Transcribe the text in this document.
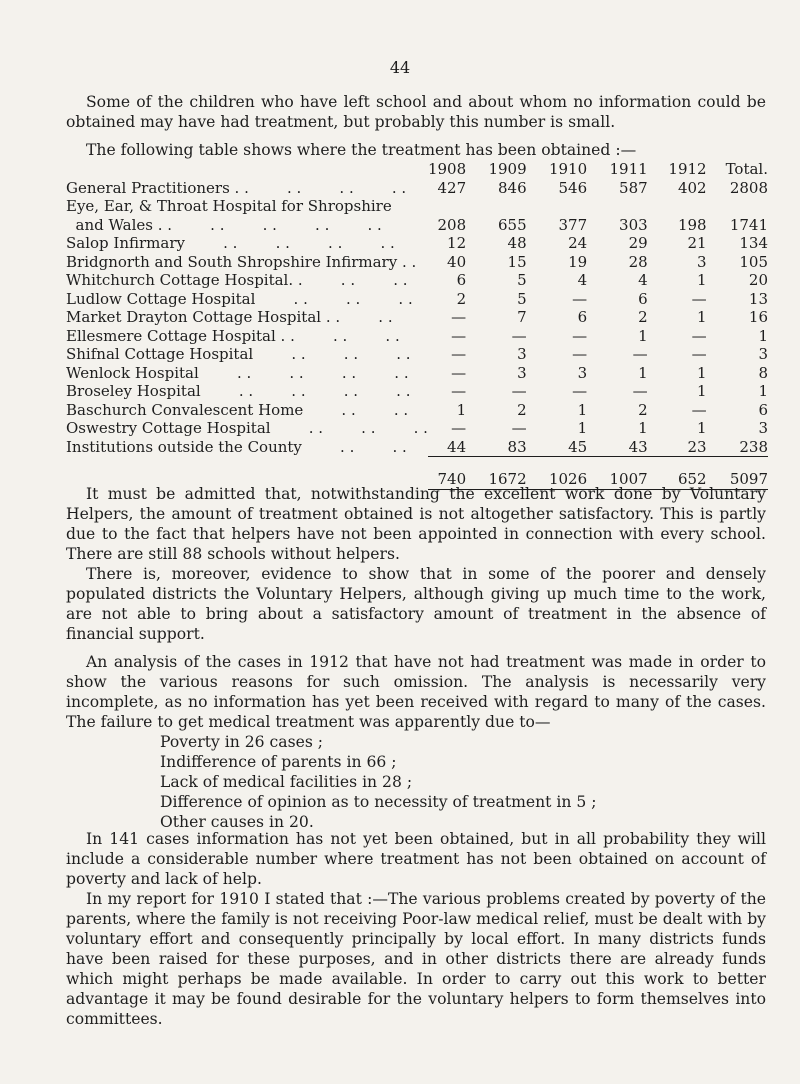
44

Some of the children who have left school and about whom no information could be obtained may have had treatment, but probably this number is small.

The following table shows where the treatment has been obtained :—

	1908	1909	1910	1911	1912	Total.
General Practitioners . .        . .        . .        . .	427	846	546	587	402	2808
Eye, Ear, & Throat Hospital for Shropshire						
and Wales . .        . .        . .        . .        . .	208	655	377	303	198	1741
Salop Infirmary        . .        . .        . .        . .	12	48	24	29	21	134
Bridgnorth and South Shropshire Infirmary . .	40	15	19	28	3	105
Whitchurch Cottage Hospital. .        . .        . .	6	5	4	4	1	20
Ludlow Cottage Hospital        . .        . .        . .	2	5	—	6	—	13
Market Drayton Cottage Hospital . .        . .	—	7	6	2	1	16
Ellesmere Cottage Hospital . .        . .        . .	—	—	—	1	—	1
Shifnal Cottage Hospital        . .        . .        . .	—	3	—	—	—	3
Wenlock Hospital        . .        . .        . .        . .	—	3	3	1	1	8
Broseley Hospital        . .        . .        . .        . .	—	—	—	—	1	1
Baschurch Convalescent Home        . .        . .	1	2	1	2	—	6
Oswestry Cottage Hospital        . .        . .        . .	—	—	1	1	1	3
Institutions outside the County        . .        . .	44	83	45	43	23	238
	740	1672	1026	1007	652	5097

It must be admitted that, notwithstanding the excellent work done by Voluntary Helpers, the amount of treatment obtained is not altogether satisfactory. This is partly due to the fact that helpers have not been appointed in connection with every school. There are still 88 schools without helpers.

There is, moreover, evidence to show that in some of the poorer and densely populated districts the Voluntary Helpers, although giving up much time to the work, are not able to bring about a satisfactory amount of treatment in the absence of financial support.

An analysis of the cases in 1912 that have not had treatment was made in order to show the various reasons for such omission. The analysis is necessarily very incomplete, as no information has yet been received with regard to many of the cases. The failure to get medical treatment was apparently due to—

Poverty in 26 cases ;
Indifference of parents in 66 ;
Lack of medical facilities in 28 ;
Difference of opinion as to necessity of treatment in 5 ;
Other causes in 20.

In 141 cases information has not yet been obtained, but in all probability they will include a considerable number where treatment has not been obtained on account of poverty and lack of help.

In my report for 1910 I stated that :—The various problems created by poverty of the parents, where the family is not receiving Poor-law medical relief, must be dealt with by voluntary effort and consequently principally by local effort. In many districts funds have been raised for these purposes, and in other districts there are already funds which might perhaps be made available. In order to carry out this work to better advantage it may be found desirable for the voluntary helpers to form themselves into committees.
